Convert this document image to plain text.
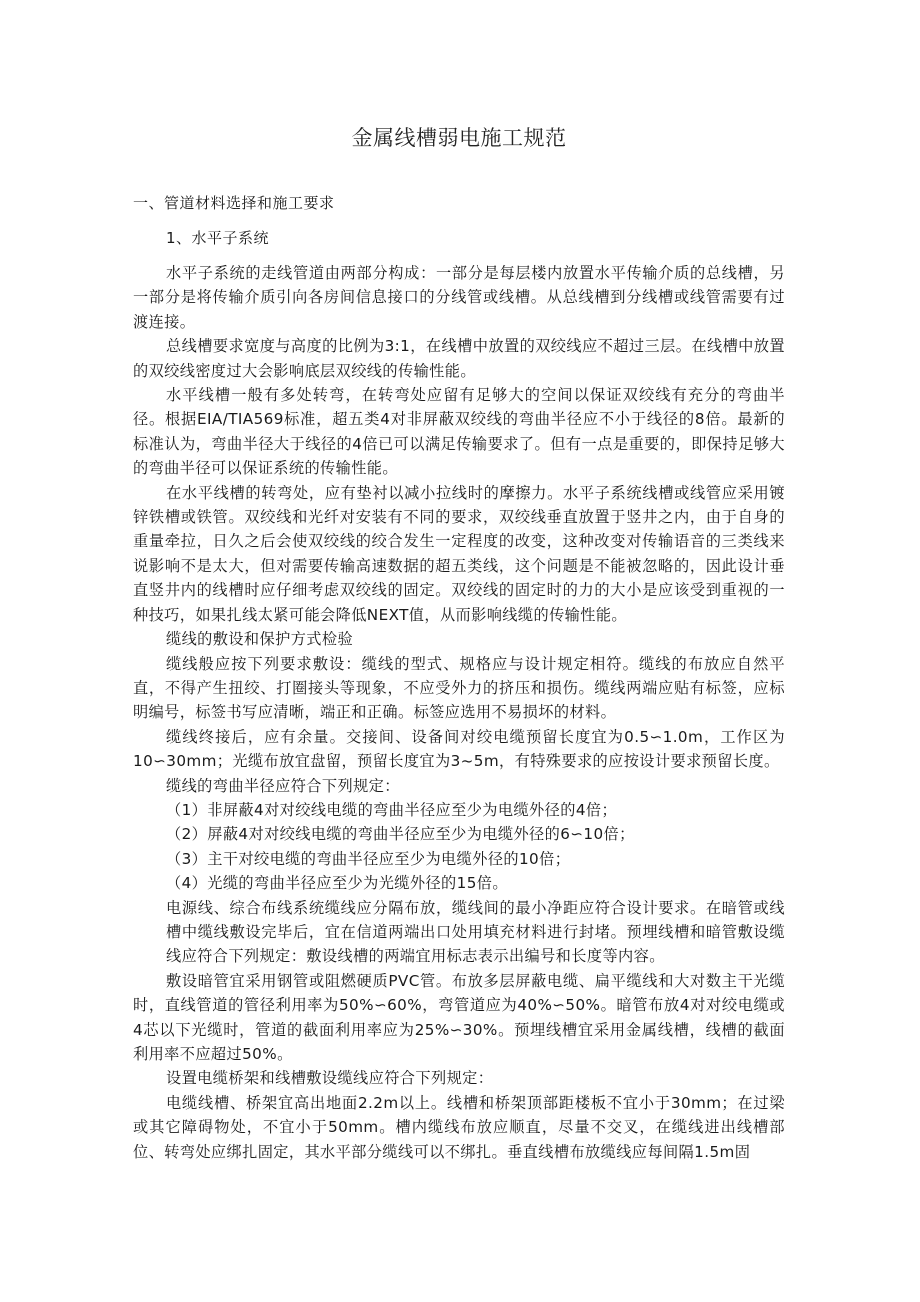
金属线槽弱电施工规范
一、管道材料选择和施工要求
1、水平子系统

水平子系统的走线管道由两部分构成：一部分是每层楼内放置水平传输介质的总线槽，另一部分是将传输介质引向各房间信息接口的分线管或线槽。从总线槽到分线槽或线管需要有过渡连接。

总线槽要求宽度与高度的比例为3:1，在线槽中放置的双绞线应不超过三层。在线槽中放置的双绞线密度过大会影响底层双绞线的传输性能。

水平线槽一般有多处转弯，在转弯处应留有足够大的空间以保证双绞线有充分的弯曲半径。根据EIA/TIA569标准，超五类4对非屏蔽双绞线的弯曲半径应不小于线径的8倍。最新的标准认为，弯曲半径大于线径的4倍已可以满足传输要求了。但有一点是重要的，即保持足够大的弯曲半径可以保证系统的传输性能。

在水平线槽的转弯处，应有垫衬以减小拉线时的摩擦力。水平子系统线槽或线管应采用镀锌铁槽或铁管。双绞线和光纤对安装有不同的要求，双绞线垂直放置于竖井之内，由于自身的重量牵拉，日久之后会使双绞线的绞合发生一定程度的改变，这种改变对传输语音的三类线来说影响不是太大，但对需要传输高速数据的超五类线，这个问题是不能被忽略的，因此设计垂直竖井内的线槽时应仔细考虑双绞线的固定。双绞线的固定时的力的大小是应该受到重视的一种技巧，如果扎线太紧可能会降低NEXT值，从而影响线缆的传输性能。

缆线的敷设和保护方式检验

缆线般应按下列要求敷设：缆线的型式、规格应与设计规定相符。缆线的布放应自然平直，不得产生扭绞、打圈接头等现象，不应受外力的挤压和损伤。缆线两端应贴有标签，应标明编号，标签书写应清晰，端正和正确。标签应选用不易损坏的材料。

缆线终接后，应有余量。交接间、设备间对绞电缆预留长度宜为0.5∽1.0m，工作区为10∽30mm；光缆布放宜盘留，预留长度宜为3~5m，有特殊要求的应按设计要求预留长度。

缆线的弯曲半径应符合下列规定：

（1）非屏蔽4对对绞线电缆的弯曲半径应至少为电缆外径的4倍；

（2）屏蔽4对对绞线电缆的弯曲半径应至少为电缆外径的6∽10倍；

（3）主干对绞电缆的弯曲半径应至少为电缆外径的10倍；

（4）光缆的弯曲半径应至少为光缆外径的15倍。

电源线、综合布线系统缆线应分隔布放，缆线间的最小净距应符合设计要求。在暗管或线槽中缆线敷设完毕后，宜在信道两端出口处用填充材料进行封堵。预埋线槽和暗管敷设缆线应符合下列规定：敷设线槽的两端宜用标志表示出编号和长度等内容。

敷设暗管宜采用钢管或阻燃硬质PVC管。布放多层屏蔽电缆、扁平缆线和大对数主干光缆时，直线管道的管径利用率为50%∽60%，弯管道应为40%∽50%。暗管布放4对对绞电缆或4芯以下光缆时，管道的截面利用率应为25%∽30%。预埋线槽宜采用金属线槽，线槽的截面利用率不应超过50%。

设置电缆桥架和线槽敷设缆线应符合下列规定：

电缆线槽、桥架宜高出地面2.2m以上。线槽和桥架顶部距楼板不宜小于30mm；在过梁或其它障碍物处，不宜小于50mm。槽内缆线布放应顺直，尽量不交叉，在缆线进出线槽部位、转弯处应绑扎固定，其水平部分缆线可以不绑扎。垂直线槽布放缆线应每间隔1.5m固
